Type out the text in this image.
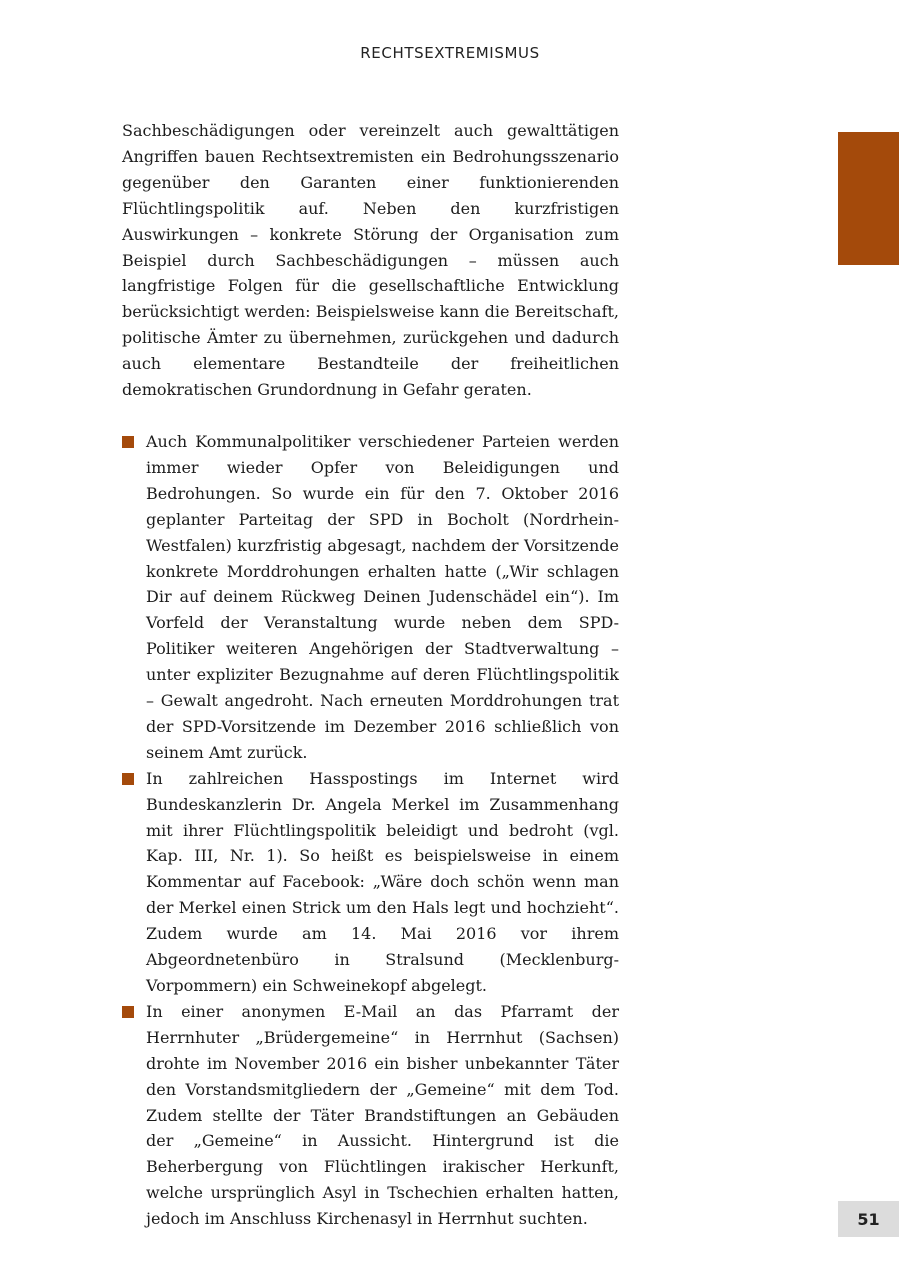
RECHTSEXTREMISMUS

Sachbeschädigungen oder vereinzelt auch gewalttätigen Angriffen bauen Rechtsextremisten ein Bedrohungsszenario gegenüber den Garanten einer funktionierenden Flüchtlingspolitik auf. Neben den kurzfristigen Auswirkungen – konkrete Störung der Organisation zum Beispiel durch Sachbeschädigungen – müssen auch langfristige Folgen für die gesellschaftliche Entwicklung berücksichtigt werden: Beispielsweise kann die Bereitschaft, politische Ämter zu übernehmen, zurückgehen und dadurch auch elementare Bestandteile der freiheitlichen demokratischen Grundordnung in Gefahr geraten.

Auch Kommunalpolitiker verschiedener Parteien werden immer wieder Opfer von Beleidigungen und Bedrohungen. So wurde ein für den 7. Oktober 2016 geplanter Parteitag der SPD in Bocholt (Nordrhein-Westfalen) kurzfristig abgesagt, nachdem der Vorsitzende konkrete Morddrohungen erhalten hatte („Wir schlagen Dir auf deinem Rückweg Deinen Judenschädel ein“). Im Vorfeld der Veranstaltung wurde neben dem SPD-Politiker weiteren Angehörigen der Stadtverwaltung – unter expliziter Bezugnahme auf deren Flüchtlingspolitik – Gewalt angedroht. Nach erneuten Morddrohungen trat der SPD-Vorsitzende im Dezember 2016 schließlich von seinem Amt zurück.
In zahlreichen Hasspostings im Internet wird Bundeskanzlerin Dr. Angela Merkel im Zusammenhang mit ihrer Flüchtlingspolitik beleidigt und bedroht (vgl. Kap. III, Nr. 1). So heißt es beispielsweise in einem Kommentar auf Facebook: „Wäre doch schön wenn man der Merkel einen Strick um den Hals legt und hochzieht“. Zudem wurde am 14. Mai 2016 vor ihrem Abgeordnetenbüro in Stralsund (Mecklenburg-Vorpommern) ein Schweinekopf abgelegt.
In einer anonymen E-Mail an das Pfarramt der Herrnhuter „Brüdergemeine“ in Herrnhut (Sachsen) drohte im November 2016 ein bisher unbekannter Täter den Vorstandsmitgliedern der „Gemeine“ mit dem Tod. Zudem stellte der Täter Brandstiftungen an Gebäuden der „Gemeine“ in Aussicht. Hintergrund ist die Beherbergung von Flüchtlingen irakischer Herkunft, welche ursprünglich Asyl in Tschechien erhalten hatten, jedoch im Anschluss Kirchenasyl in Herrnhut suchten.	51
